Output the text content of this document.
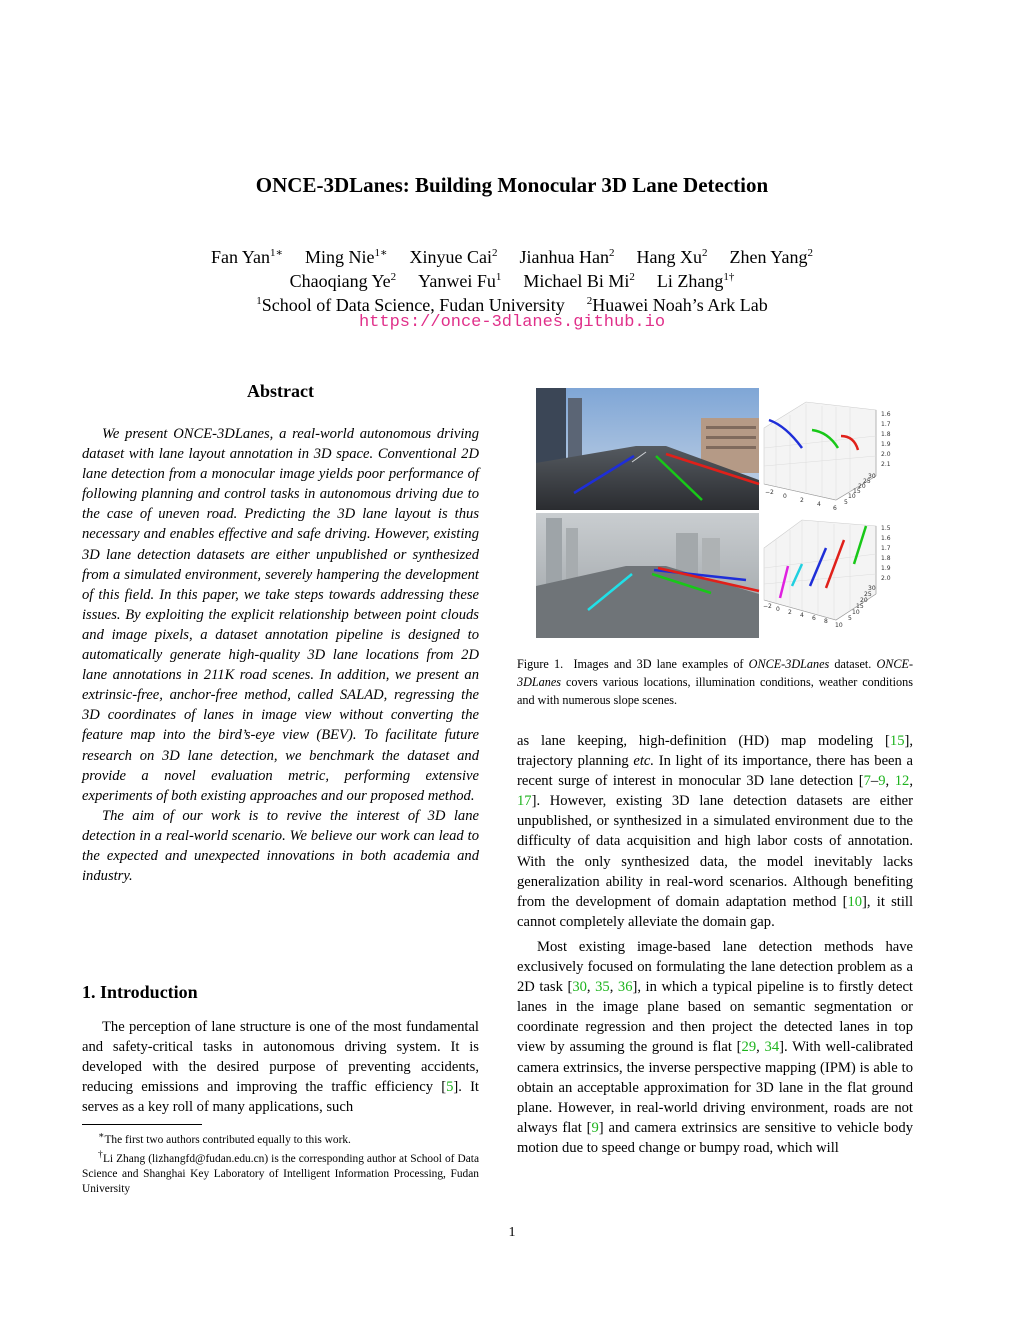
ONCE-3DLanes: Building Monocular 3D Lane Detection
Fan Yan$^{1∗}$ Ming Nie$^{1∗}$ Xinyue Cai$^2$ Jianhua Han$^2$ Hang Xu$^2$ Zhen Yang$^2$
Chaoqiang Ye$^2$ Yanwei Fu$^1$ Michael Bi Mi$^2$ Li Zhang$^{1\dagger}$
$^1$School of Data Science, Fudan University $^2$Huawei Noah’s Ark Lab
https://once-3dlanes.github.io
Abstract

We present ONCE-3DLanes, a real-world autonomous driving dataset with lane layout annotation in 3D space. Conventional 2D lane detection from a monocular image yields poor performance of following planning and control tasks in autonomous driving due to the case of uneven road. Predicting the 3D lane layout is thus necessary and enables effective and safe driving. However, existing 3D lane detection datasets are either unpublished or synthesized from a simulated environment, severely hampering the development of this field. In this paper, we take steps towards addressing these issues. By exploiting the explicit relationship between point clouds and image pixels, a dataset annotation pipeline is designed to automatically generate high-quality 3D lane locations from 2D lane annotations in 211K road scenes. In addition, we present an extrinsic-free, anchor-free method, called SALAD, regressing the 3D coordinates of lanes in image view without converting the feature map into the bird’s-eye view (BEV). To facilitate future research on 3D lane detection, we benchmark the dataset and provide a novel evaluation metric, performing extensive experiments of both existing approaches and our proposed method.

The aim of our work is to revive the interest of 3D lane detection in a real-world scenario. We believe our work can lead to the expected and unexpected innovations in both academia and industry.

1. Introduction

The perception of lane structure is one of the most fundamental and safety-critical tasks in autonomous driving system. It is developed with the desired purpose of preventing accidents, reducing emissions and improving the traffic efficiency [5]. It serves as a key roll of many applications, such

∗The first two authors contributed equally to this work.
†Li Zhang (lizhangfd@fudan.edu.cn) is the corresponding author at School of Data Science and Shanghai Key Laboratory of Intelligent Information Processing, Fudan University
1.6
1.7
1.8
1.9
2.0
2.1
−2
0
2
4
6
5
10
15
20
25
30
1.5
1.6
1.7
1.8
1.9
2.0
−2 0 2 4 6 8
10
5
10
15
20
25
30
Figure 1. Images and 3D lane examples of ONCE-3DLanes dataset. ONCE-3DLanes covers various locations, illumination conditions, weather conditions and with numerous slope scenes.

as lane keeping, high-definition (HD) map modeling [15], trajectory planning etc. In light of its importance, there has been a recent surge of interest in monocular 3D lane detection [7–9, 12, 17]. However, existing 3D lane detection datasets are either unpublished, or synthesized in a simulated environment due to the difficulty of data acquisition and high labor costs of annotation. With the only synthesized data, the model inevitably lacks generalization ability in real-word scenarios. Although benefiting from the development of domain adaptation method [10], it still cannot completely alleviate the domain gap.

Most existing image-based lane detection methods have exclusively focused on formulating the lane detection problem as a 2D task [30, 35, 36], in which a typical pipeline is to firstly detect lanes in the image plane based on semantic segmentation or coordinate regression and then project the detected lanes in top view by assuming the ground is flat [29, 34]. With well-calibrated camera extrinsics, the inverse perspective mapping (IPM) is able to obtain an acceptable approximation for 3D lane in the flat ground plane. However, in real-world driving environment, roads are not always flat [9] and camera extrinsics are sensitive to vehicle body motion due to speed change or bumpy road, which will

1
